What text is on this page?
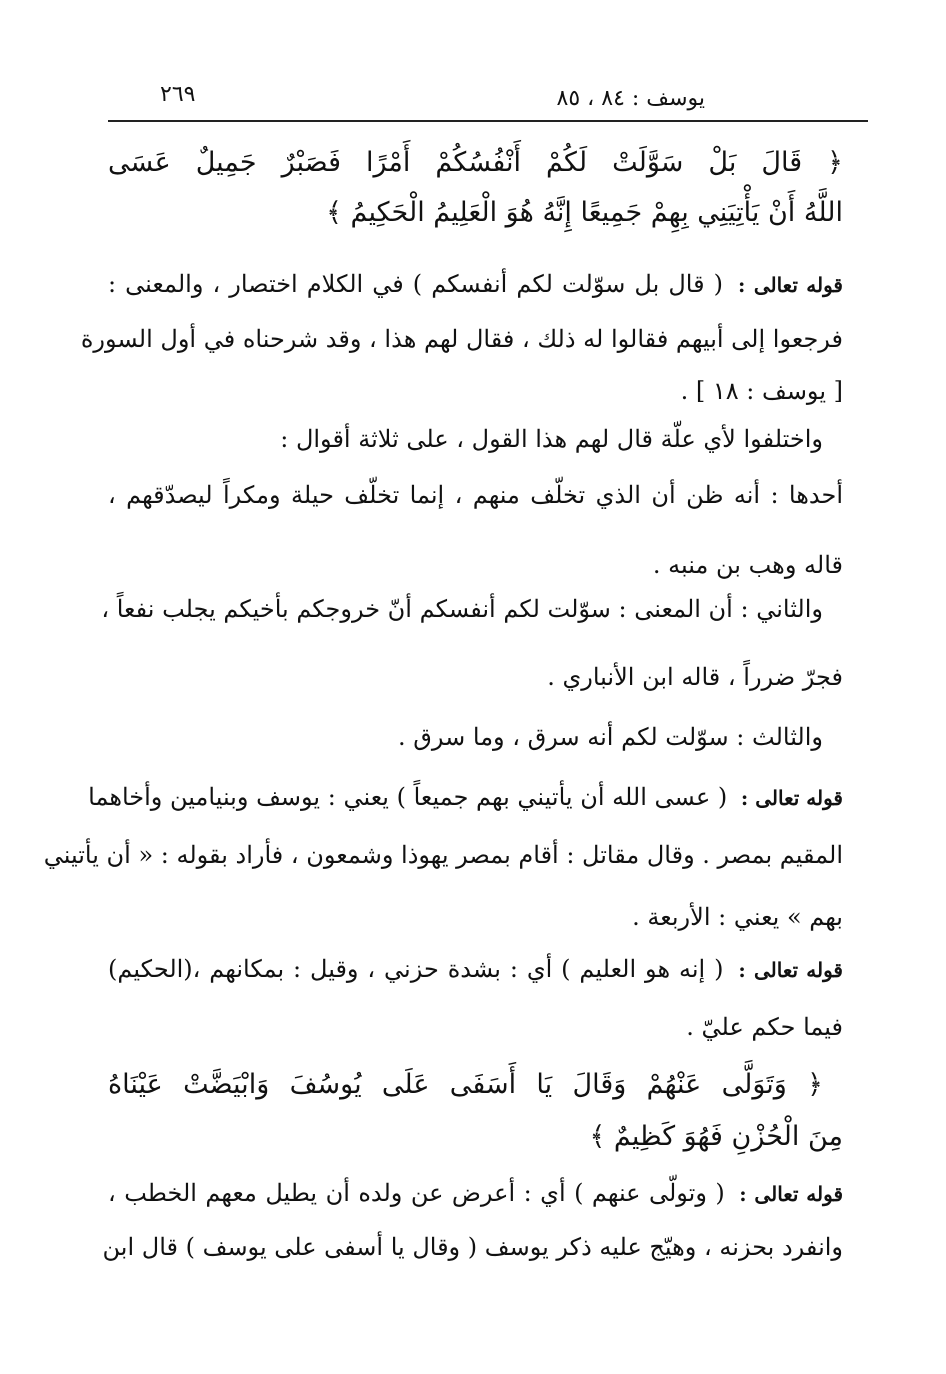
يوسف : ٨٤ ، ٨٥
٢٦٩
﴿ قَالَ بَلْ سَوَّلَتْ لَكُمْ أَنْفُسُكُمْ أَمْرًا فَصَبْرٌ جَمِيلٌ عَسَى
اللَّهُ أَنْ يَأْتِيَنِي بِهِمْ جَمِيعًا إِنَّهُ هُوَ الْعَلِيمُ الْحَكِيمُ ﴾
قوله تعالى : ( قال بل سوّلت لكم أنفسكم ) في الكلام اختصار ، والمعنى :
فرجعوا إلى أبيهم فقالوا له ذلك ، فقال لهم هذا ، وقد شرحناه في أول السورة
[ يوسف : ١٨ ] .
واختلفوا لأي علّة قال لهم هذا القول ، على ثلاثة أقوال :
أحدها : أنه ظن أن الذي تخلّف منهم ، إنما تخلّف حيلة ومكراً ليصدّقهم ،
قاله وهب بن منبه .
والثاني : أن المعنى : سوّلت لكم أنفسكم أنّ خروجكم بأخيكم يجلب نفعاً ،
فجرّ ضرراً ، قاله ابن الأنباري .
والثالث : سوّلت لكم أنه سرق ، وما سرق .
قوله تعالى : ( عسى الله أن يأتيني بهم جميعاً ) يعني : يوسف وبنيامين وأخاهما
المقيم بمصر . وقال مقاتل : أقام بمصر يهوذا وشمعون ، فأراد بقوله : « أن يأتيني
بهم » يعني : الأربعة .
قوله تعالى : ( إنه هو العليم ) أي : بشدة حزني ، وقيل : بمكانهم ،(الحكيم)
فيما حكم عليّ .
﴿ وَتَوَلَّى عَنْهُمْ وَقَالَ يَا أَسَفَى عَلَى يُوسُفَ وَابْيَضَّتْ عَيْنَاهُ
مِنَ الْحُزْنِ فَهُوَ كَظِيمٌ ﴾
قوله تعالى : ( وتولّى عنهم ) أي : أعرض عن ولده أن يطيل معهم الخطب ،
وانفرد بحزنه ، وهيّج عليه ذكر يوسف ( وقال يا أسفى على يوسف ) قال ابن
